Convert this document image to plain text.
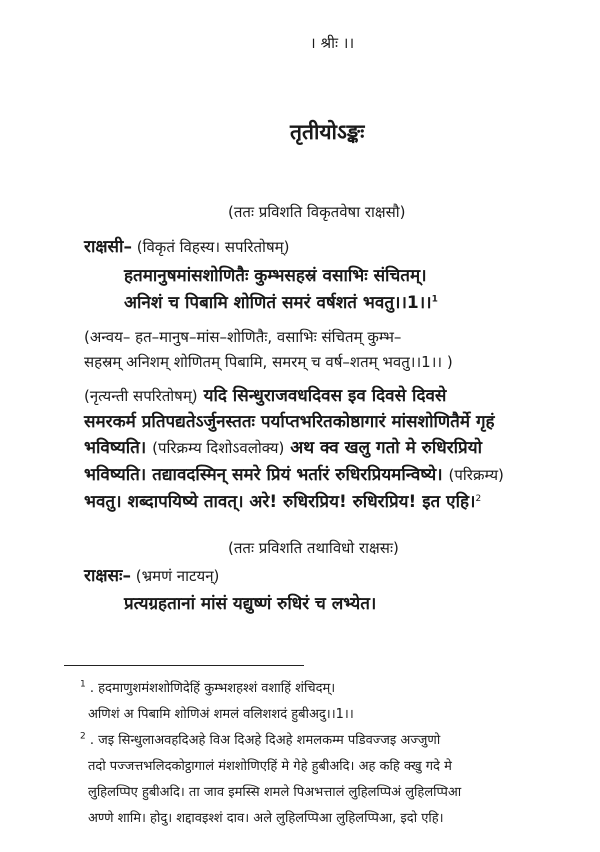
। श्रीः ।।
तृतीयोऽङ्कः
(ततः प्रविशति विकृतवेषा राक्षसौ)
राक्षसी– (विकृतं विहस्य। सपरितोषम्)
हतमानुषमांसशोणितैः कुम्भसहस्रं वसाभिः संचितम्।
अनिशं च पिबामि शोणितं समरं वर्षशतं भवतु।।1।।$^1$
(अन्वय– हत–मानुष–मांस–शोणितैः, वसाभिः संचितम् कुम्भ–
सहस्रम् अनिशम् शोणितम् पिबामि, समरम् च वर्ष–शतम् भवतु।।1।। )
(नृत्यन्ती सपरितोषम्) यदि सिन्धुराजवधदिवस इव दिवसे दिवसे
समरकर्म प्रतिपद्यतेऽर्जुनस्ततः पर्याप्तभरितकोष्ठागारं मांसशोणितैर्मे गृहं
भविष्यति। (परिक्रम्य दिशोऽवलोक्य) अथ क्व खलु गतो मे रुधिरप्रियो
भविष्यति। तद्यावदस्मिन् समरे प्रियं भर्तारं रुधिरप्रियमन्विष्ये। (परिक्रम्य)
भवतु। शब्दापयिष्ये तावत्। अरे! रुधिरप्रिय! रुधिरप्रिय! इत एहि।$^2$
(ततः प्रविशति तथाविधो राक्षसः)
राक्षसः– (भ्रमणं नाटयन्)
प्रत्यग्रहतानां मांसं यद्युष्णं रुधिरं च लभ्येत।
$^1$ . हदमाणुशमंशशोणिदेहिं कुम्भशहश्शं वशाहिं शंचिदम्।
अणिशं अ पिबामि शोणिअं शमलं वलिशशदं हुबीअदु।।1।।
$^2$ . जइ सिन्धुलाअवहदिअहे विअ दिअहे दिअहे शमलकम्म पडिवज्जइ अज्जुणो
तदो पज्जत्तभलिदकोट्ठागालं मंशशोणिएहिं मे गेहे हुबीअदि। अह कहि क्खु गदे मे
लुहिलप्पिए हुबीअदि। ता जाव इमस्सि शमले पिअभत्तालं लुहिलप्पिअं लुहिलप्पिआ
अण्णे शामि। होदु। शद्दावइश्शं दाव। अले लुहिलप्पिआ लुहिलप्पिआ, इदो एहि।
